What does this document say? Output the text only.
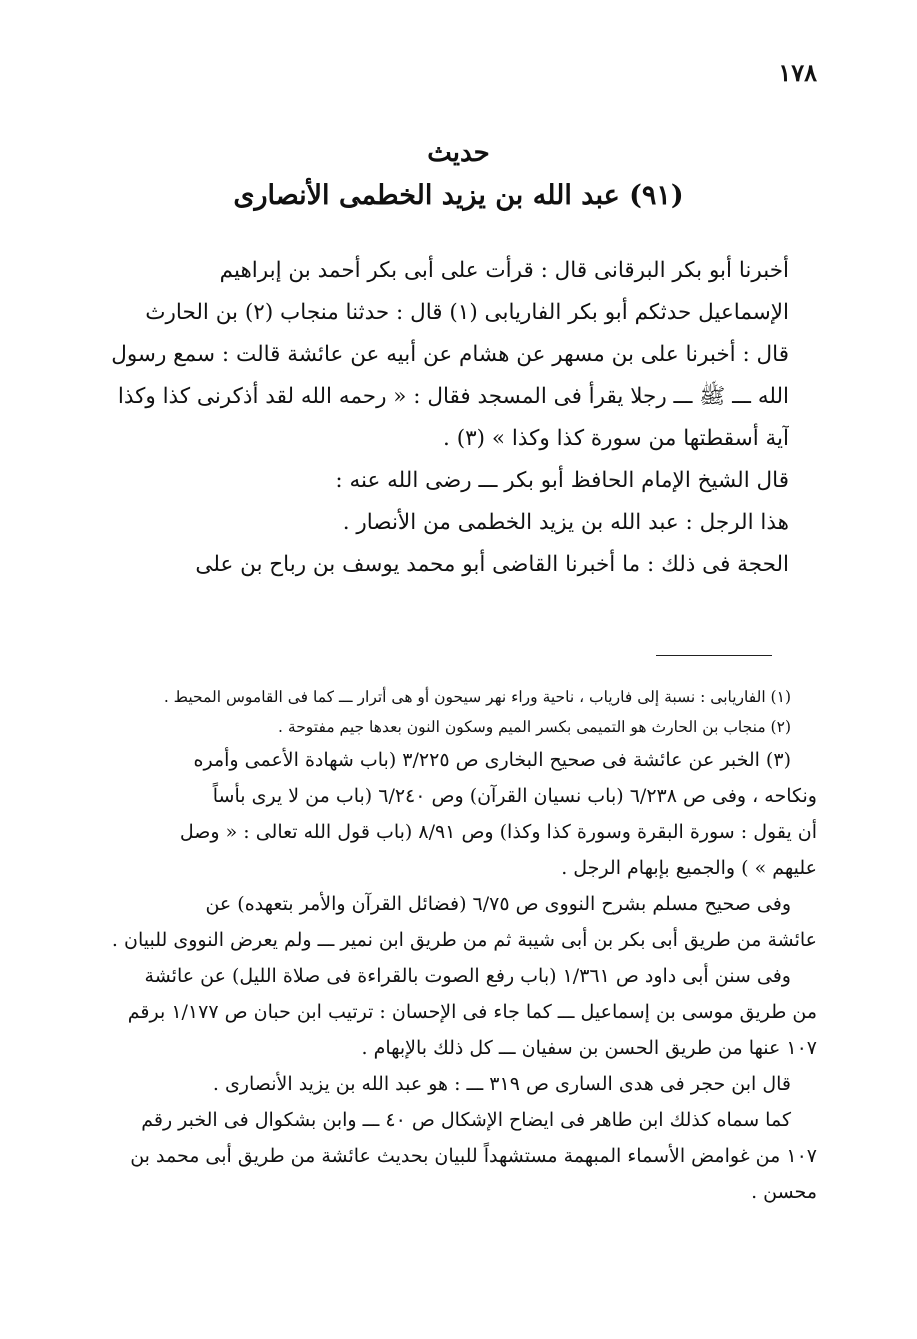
١٧٨
حديث
(٩١) عبد الله بن يزيد الخطمى الأنصارى

أخبرنا أبو بكر البرقانى قال : قرأت على أبى بكر أحمد بن إبراهيم
الإسماعيل حدثكم أبو بكر الفاريابى (١) قال : حدثنا منجاب (٢) بن الحارث
قال : أخبرنا على بن مسهر عن هشام عن أبيه عن عائشة قالت : سمع رسول
الله ـــ ﷺ ـــ رجلا يقرأ فى المسجد فقال : « رحمه الله لقد أذكرنى كذا وكذا
آية أسقطتها من سورة كذا وكذا » (٣) .

قال الشيخ الإمام الحافظ أبو بكر ـــ رضى الله عنه :

هذا الرجل : عبد الله بن يزيد الخطمى من الأنصار .

الحجة فى ذلك : ما أخبرنا القاضى أبو محمد يوسف بن رباح بن على

(١) الفاريابى : نسبة إلى فارياب ، ناحية وراء نهر سيحون أو هى أترار ـــ كما فى القاموس المحيط .
(٢) منجاب بن الحارث هو التميمى بكسر الميم وسكون النون بعدها جيم مفتوحة .
(٣) الخبر عن عائشة فى صحيح البخارى ص ٣/٢٢٥ (باب شهادة الأعمى وأمره
ونكاحه ، وفى ص ٦/٢٣٨ (باب نسيان القرآن) وص ٦/٢٤٠ (باب من لا يرى بأساً
أن يقول : سورة البقرة وسورة كذا وكذا) وص ٨/٩١ (باب قول الله تعالى : « وصل
عليهم » ) والجميع بإبهام الرجل .
وفى صحيح مسلم بشرح النووى ص ٦/٧٥ (فضائل القرآن والأمر بتعهده) عن
عائشة من طريق أبى بكر بن أبى شيبة ثم من طريق ابن نمير ـــ ولم يعرض النووى للبيان .
وفى سنن أبى داود ص ١/٣٦١ (باب رفع الصوت بالقراءة فى صلاة الليل) عن عائشة
من طريق موسى بن إسماعيل ـــ كما جاء فى الإحسان : ترتيب ابن حبان ص ١/١٧٧ برقم
١٠٧ عنها من طريق الحسن بن سفيان ـــ كل ذلك بالإبهام .
قال ابن حجر فى هدى السارى ص ٣١٩ ـــ : هو عبد الله بن يزيد الأنصارى .
كما سماه كذلك ابن طاهر فى ايضاح الإشكال ص ٤٠ ـــ وابن بشكوال فى الخبر رقم
١٠٧ من غوامض الأسماء المبهمة مستشهداً للبيان بحديث عائشة من طريق أبى محمد بن
محسن .
